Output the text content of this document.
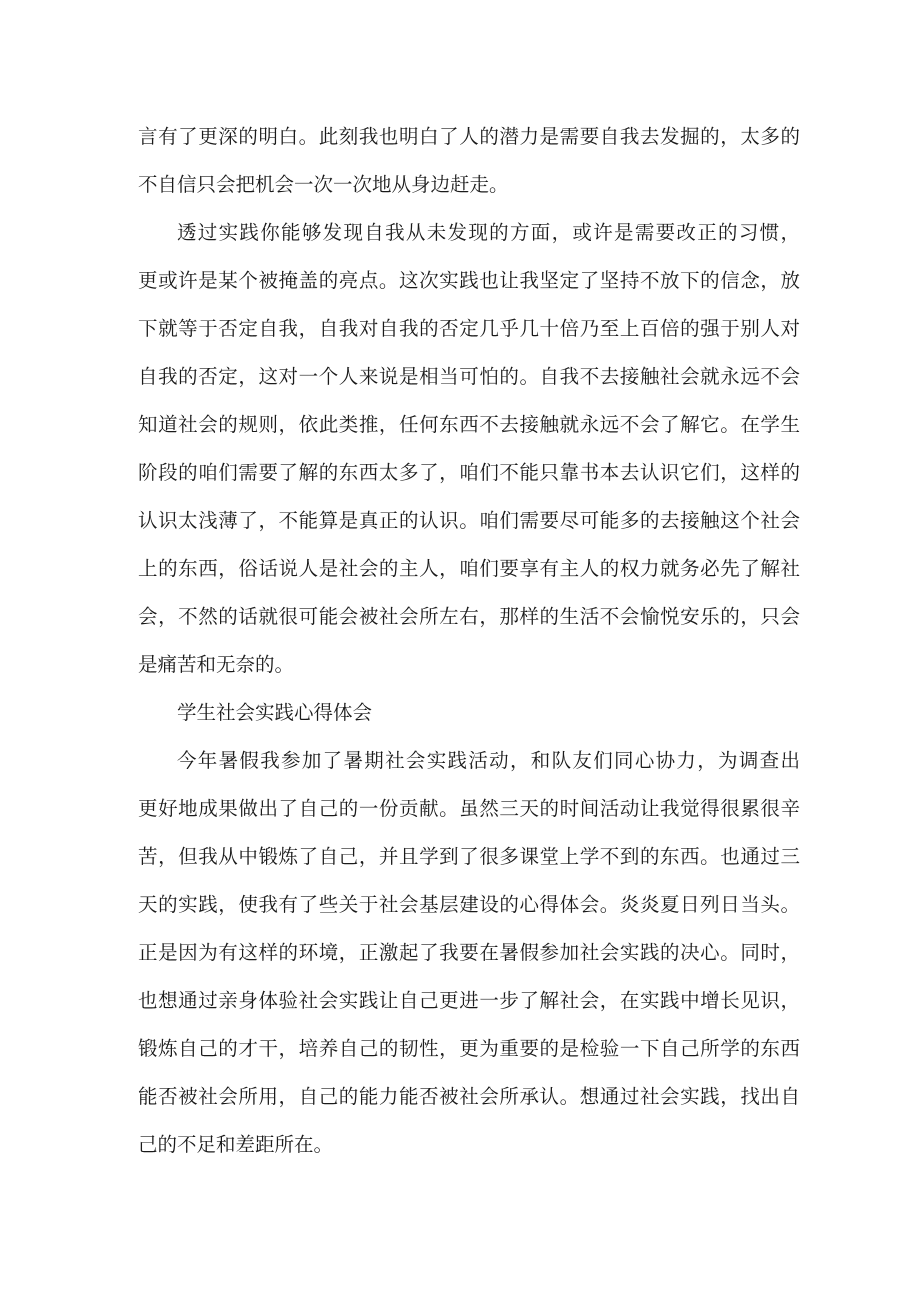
言有了更深的明白。此刻我也明白了人的潜力是需要自我去发掘的，太多的
不自信只会把机会一次一次地从身边赶走。
透过实践你能够发现自我从未发现的方面，或许是需要改正的习惯，
更或许是某个被掩盖的亮点。这次实践也让我坚定了坚持不放下的信念，放
下就等于否定自我，自我对自我的否定几乎几十倍乃至上百倍的强于别人对
自我的否定，这对一个人来说是相当可怕的。自我不去接触社会就永远不会
知道社会的规则，依此类推，任何东西不去接触就永远不会了解它。在学生
阶段的咱们需要了解的东西太多了，咱们不能只靠书本去认识它们，这样的
认识太浅薄了，不能算是真正的认识。咱们需要尽可能多的去接触这个社会
上的东西，俗话说人是社会的主人，咱们要享有主人的权力就务必先了解社
会，不然的话就很可能会被社会所左右，那样的生活不会愉悦安乐的，只会
是痛苦和无奈的。
学生社会实践心得体会
今年暑假我参加了暑期社会实践活动，和队友们同心协力，为调查出
更好地成果做出了自己的一份贡献。虽然三天的时间活动让我觉得很累很辛
苦，但我从中锻炼了自己，并且学到了很多课堂上学不到的东西。也通过三
天的实践，使我有了些关于社会基层建设的心得体会。炎炎夏日列日当头。
正是因为有这样的环境，正激起了我要在暑假参加社会实践的决心。同时，
也想通过亲身体验社会实践让自己更进一步了解社会，在实践中增长见识，
锻炼自己的才干，培养自己的韧性，更为重要的是检验一下自己所学的东西
能否被社会所用，自己的能力能否被社会所承认。想通过社会实践，找出自
己的不足和差距所在。
